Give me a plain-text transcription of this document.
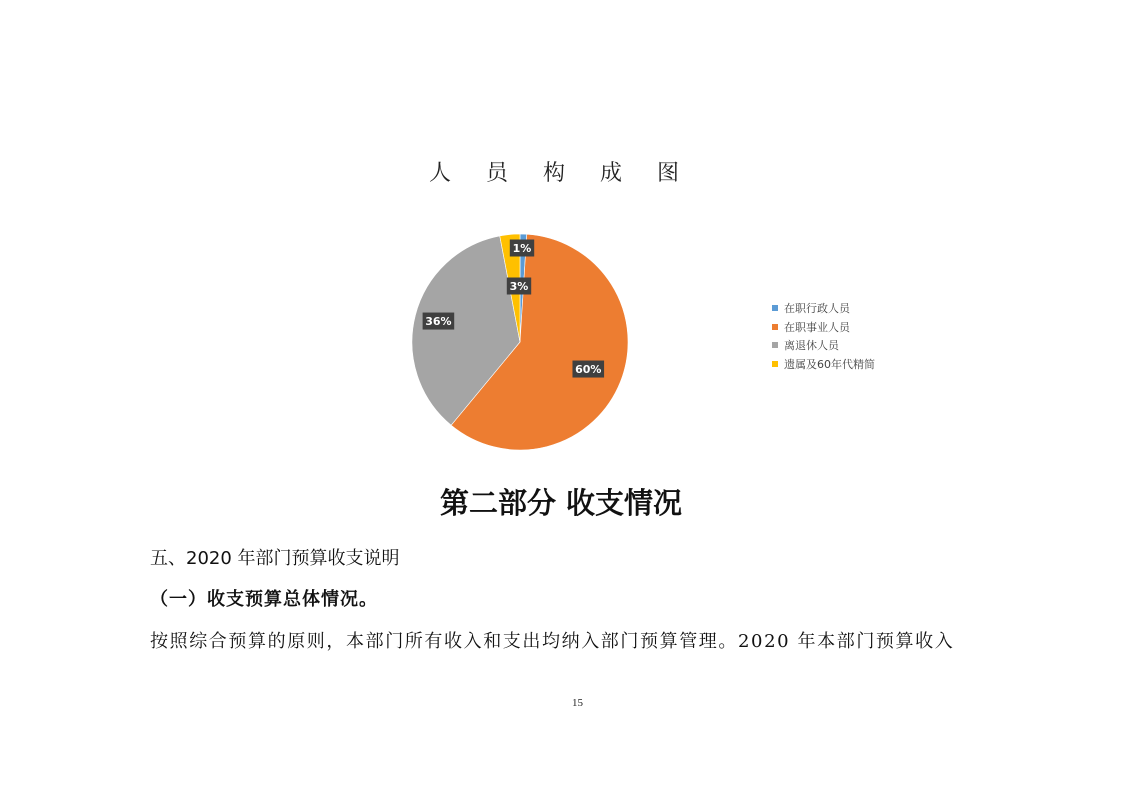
人 员 构 成 图
1%
60%
36%
3%
在职行政人员
在职事业人员
离退休人员
遗属及60年代精简
第二部分 收支情况
五、2020 年部门预算收支说明
（一）收支预算总体情况。
按照综合预算的原则，本部门所有收入和支出均纳入部门预算管理。2020 年本部门预算收入
15
